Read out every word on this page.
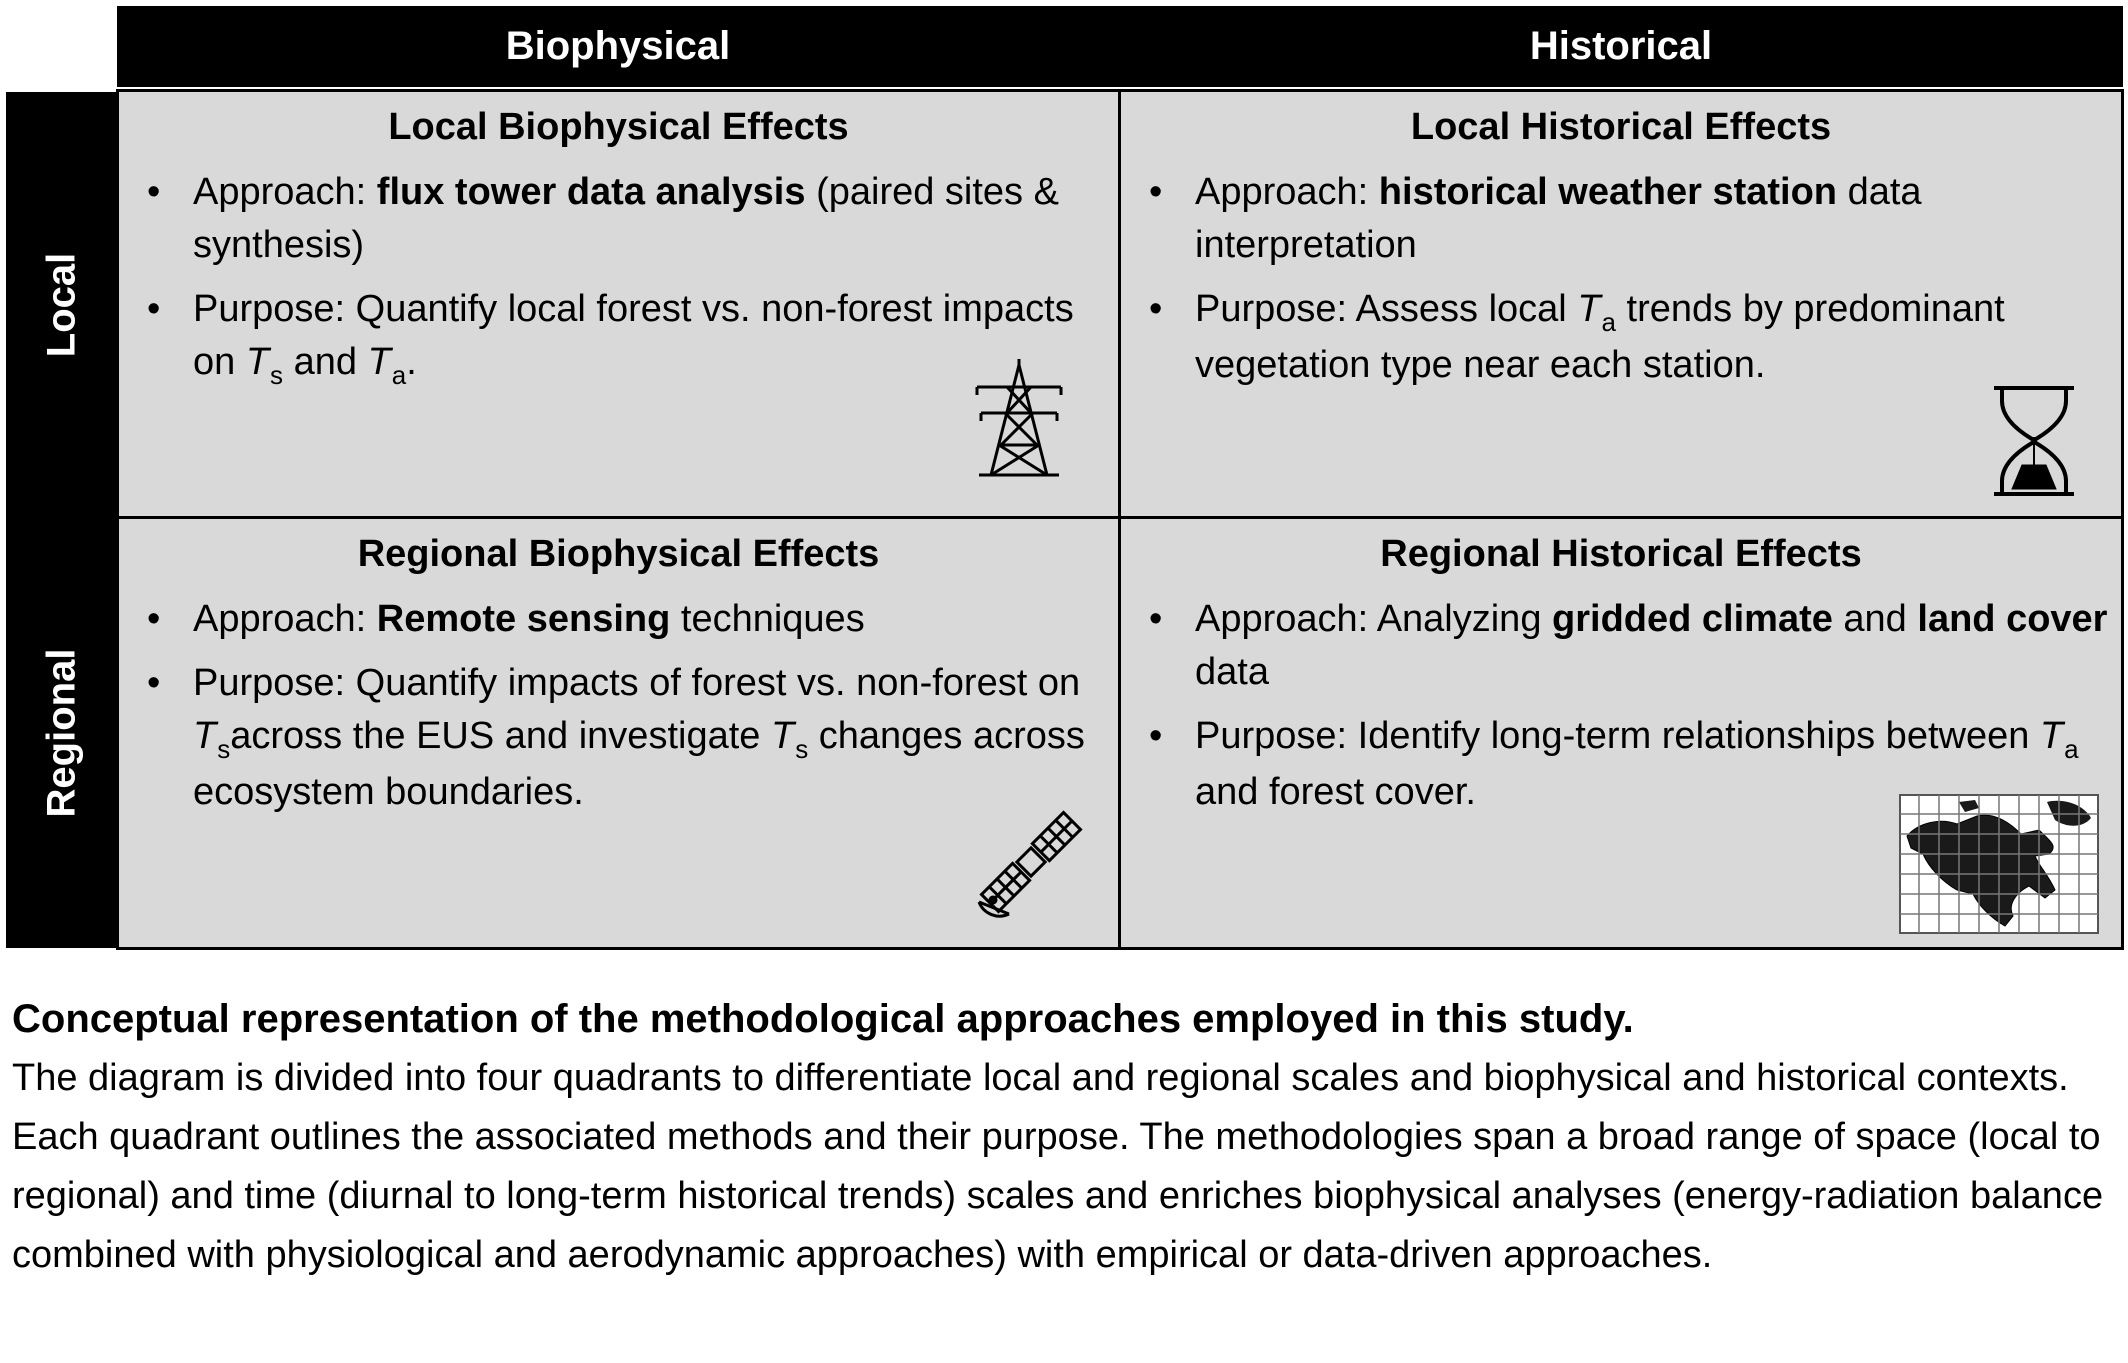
Biophysical	Historical
Local
Regional
Local Biophysical Effects
• Approach: flux tower data analysis (paired sites & synthesis)
• Purpose: Quantify local forest vs. non-forest impacts on $T_s$ and $T_a$.
Local Historical Effects
• Approach: historical weather station data interpretation
• Purpose: Assess local $T_a$ trends by predominant vegetation type near each station.
Regional Biophysical Effects
• Approach: Remote sensing techniques
• Purpose: Quantify impacts of forest vs. non-forest on $T_sacross$ the EUS and investigate $T_s$ changes across ecosystem boundaries.
Regional Historical Effects
• Approach: Analyzing gridded climate and land cover data
• Purpose: Identify long-term relationships between $T_a$ and forest cover.
Conceptual representation of the methodological approaches employed in this study.
The diagram is divided into four quadrants to differentiate local and regional scales and biophysical and historical contexts. Each quadrant outlines the associated methods and their purpose. The methodologies span a broad range of space (local to regional) and time (diurnal to long-term historical trends) scales and enriches biophysical analyses (energy-radiation balance combined with physiological and aerodynamic approaches) with empirical or data-driven approaches.
